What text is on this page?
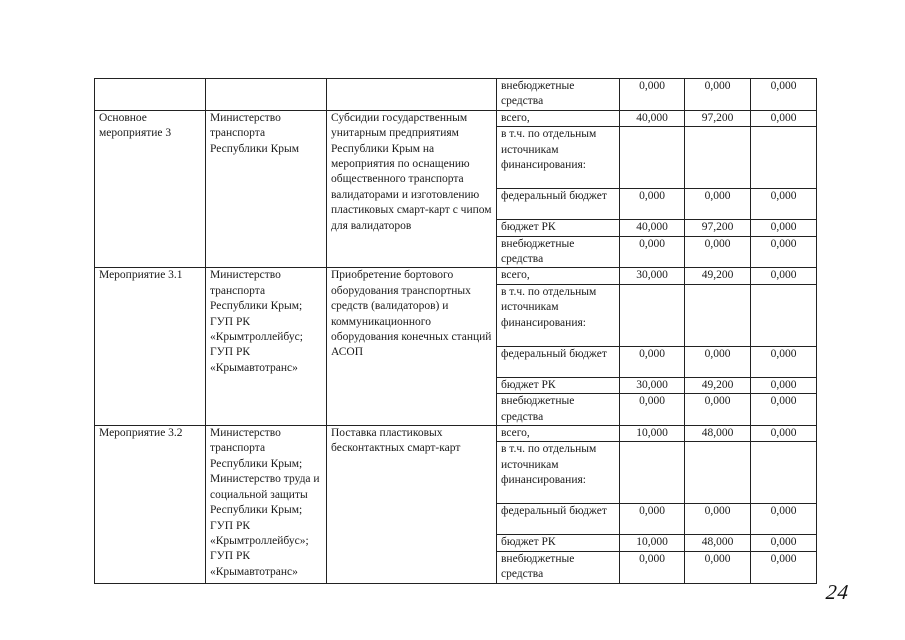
			внебюджетные средства	0,000	0,000	0,000
Основное мероприятие 3	Министерство транспорта Республики Крым	Субсидии государственным унитарным предприятиям Республики Крым на мероприятия по оснащению общественного транспорта валидаторами и изготовлению пластиковых смарт-карт с чипом для валидаторов	всего,	40,000	97,200	0,000
			в т.ч. по отдельным источникам финансирования:			
			федеральный бюджет	0,000	0,000	0,000
			бюджет РК	40,000	97,200	0,000
			внебюджетные средства	0,000	0,000	0,000
Мероприятие 3.1	Министерство транспорта Республики Крым; ГУП РК «Крымтроллейбус; ГУП РК «Крымавтотранс»	Приобретение бортового оборудования транспортных средств (валидаторов) и коммуникационного оборудования конечных станций АСОП	всего,	30,000	49,200	0,000
			в т.ч. по отдельным источникам финансирования:			
			федеральный бюджет	0,000	0,000	0,000
			бюджет РК	30,000	49,200	0,000
			внебюджетные средства	0,000	0,000	0,000
Мероприятие 3.2	Министерство транспорта Республики Крым; Министерство труда и социальной защиты Республики Крым; ГУП РК «Крымтроллейбус»; ГУП РК «Крымавтотранс»	Поставка пластиковых бесконтактных смарт-карт	всего,	10,000	48,000	0,000
			в т.ч. по отдельным источникам финансирования:			
			федеральный бюджет	0,000	0,000	0,000
			бюджет РК	10,000	48,000	0,000
			внебюджетные средства	0,000	0,000	0,000
24
